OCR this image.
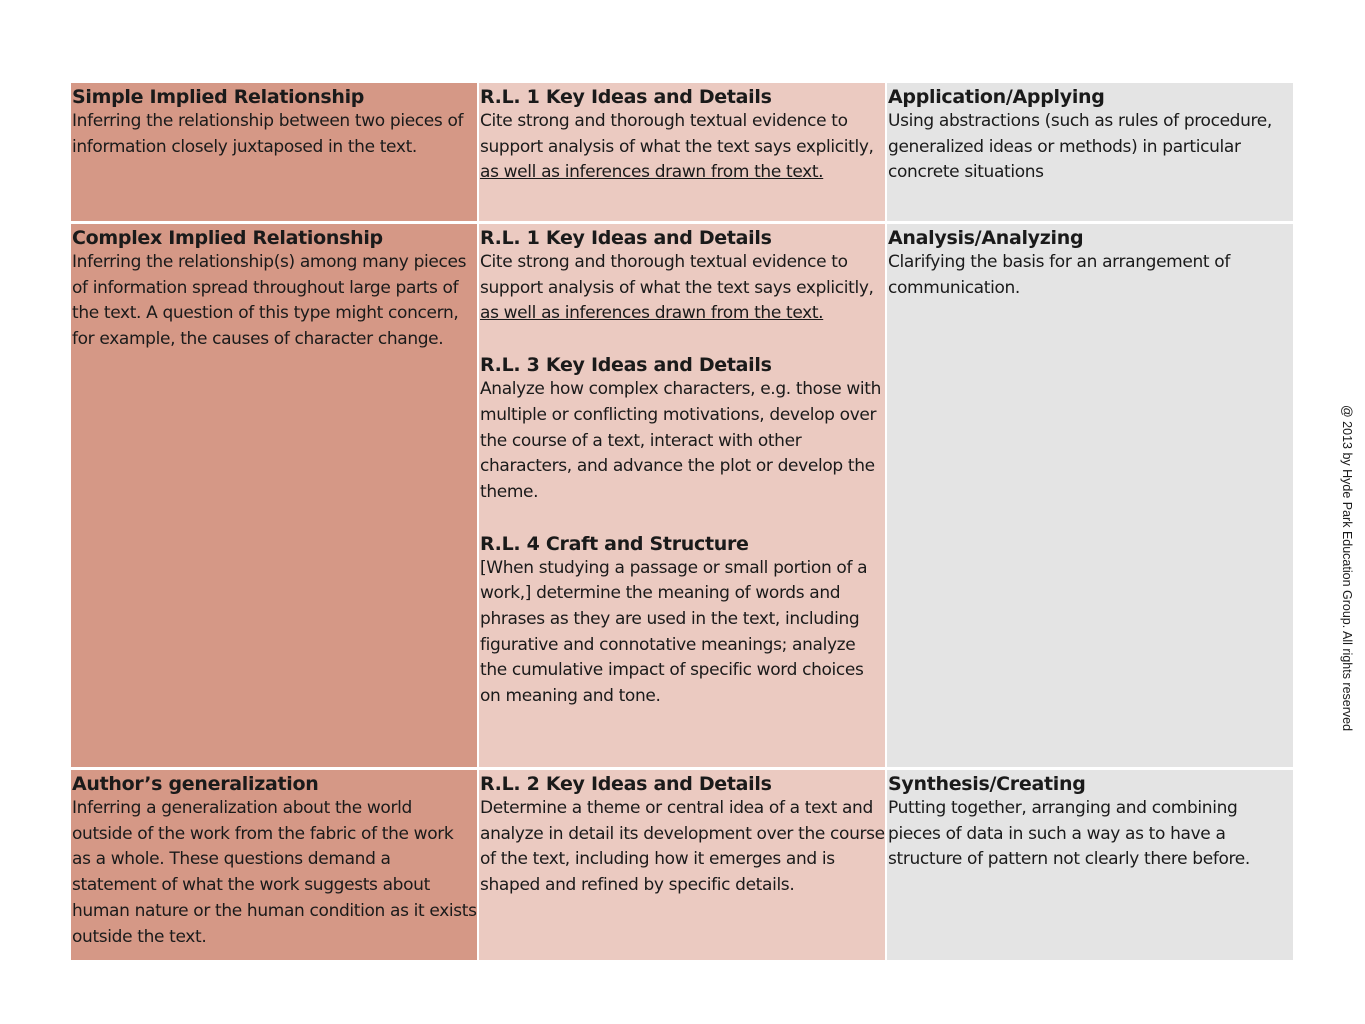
Simple Implied Relationship

Inferring the relationship between two pieces of information closely juxtaposed in the text.

R.L. 1 Key Ideas and Details

Cite strong and thorough textual evidence to support analysis of what the text says explicitly, as well as inferences drawn from the text.

Application/Applying

Using abstractions (such as rules of procedure, generalized ideas or methods) in particular concrete situations

Complex Implied Relationship

Inferring the relationship(s) among many pieces of information spread throughout large parts of the text. A question of this type might concern, for example, the causes of character change.

R.L. 1 Key Ideas and Details

Cite strong and thorough textual evidence to support analysis of what the text says explicitly, as well as inferences drawn from the text.

R.L. 3 Key Ideas and Details

Analyze how complex characters, e.g. those with multiple or conflicting motivations, develop over the course of a text, interact with other characters, and advance the plot or develop the theme.

R.L. 4 Craft and Structure

[When studying a passage or small portion of a work,] determine the meaning of words and phrases as they are used in the text, including figurative and connotative meanings; analyze the cumulative impact of specific word choices on meaning and tone.

Analysis/Analyzing

Clarifying the basis for an arrangement of communication.

Author’s generalization

Inferring a generalization about the world outside of the work from the fabric of the work as a whole. These questions demand a statement of what the work suggests about human nature or the human condition as it exists outside the text.

R.L. 2 Key Ideas and Details

Determine a theme or central idea of a text and analyze in detail its development over the course of the text, including how it emerges and is shaped and refined by specific details.

Synthesis/Creating

Putting together, arranging and combining pieces of data in such a way as to have a structure of pattern not clearly there before.

@ 2013 by Hyde Park Education Group. All rights reserved
